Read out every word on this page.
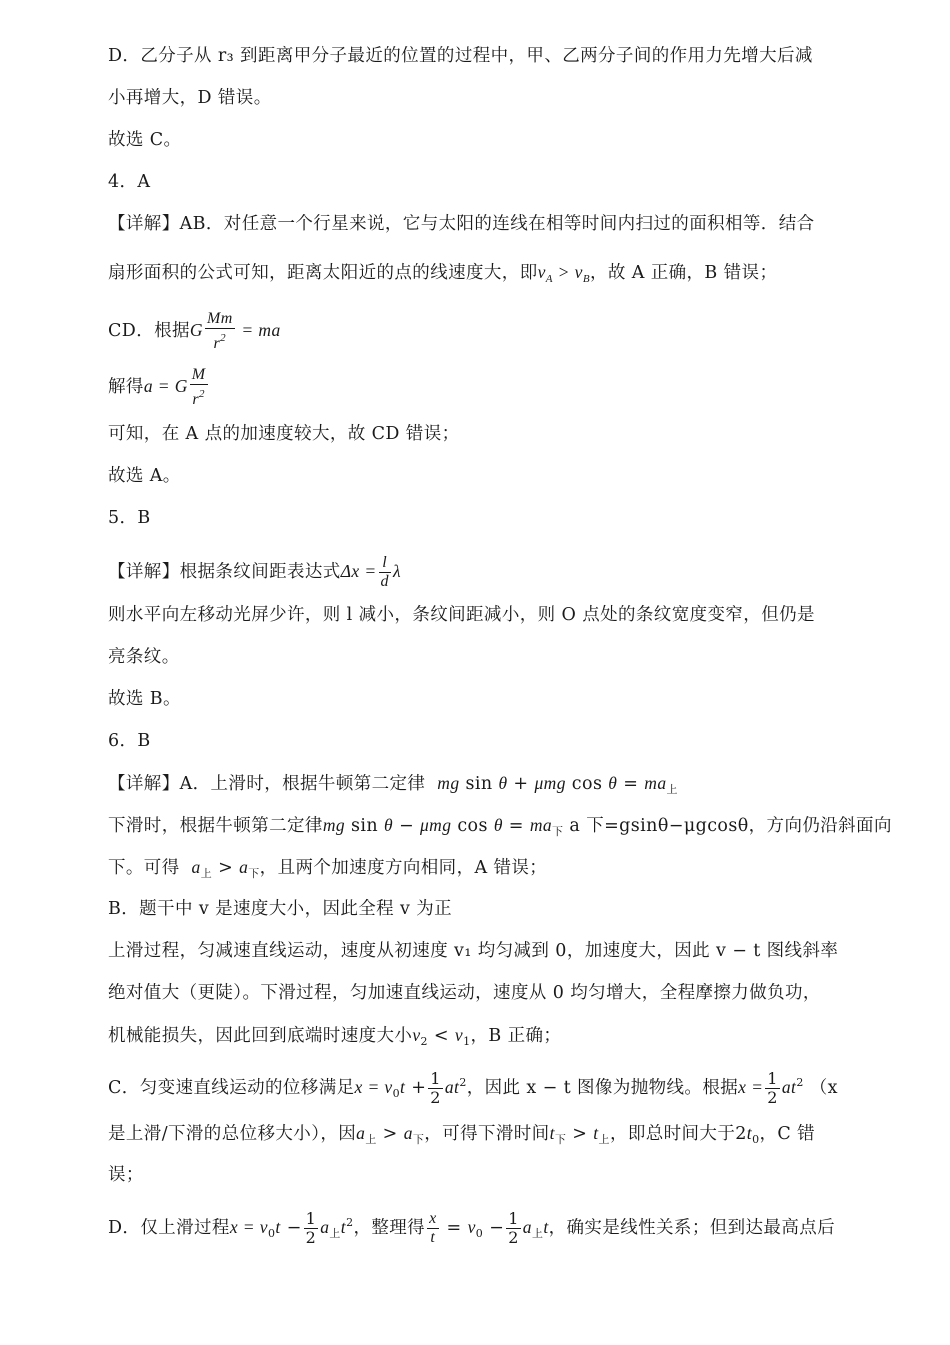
D．乙分子从 r₃ 到距离甲分子最近的位置的过程中，甲、乙两分子间的作用力先增大后减
小再增大，D 错误。
故选 C。
4．A
【详解】AB．对任意一个行星来说，它与太阳的连线在相等时间内扫过的面积相等．结合
扇形面积的公式可知，距离太阳近的点的线速度大，即$v_A > v_B$，故 A 正确，B 错误；
CD．根据G $\frac{Mm}{r^2}$ = ma
解得a = G $\frac{M}{r^2}$
可知，在 A 点的加速度较大，故 CD 错误；
故选 A。
5．B
【详解】根据条纹间距表达式$\Delta x = \frac{l}{d}$ λ
则水平向左移动光屏少许，则 l 减小，条纹间距减小，则 O 点处的条纹宽度变窄，但仍是
亮条纹。
故选 B。
6．B
【详解】A．上滑时，根据牛顿第二定律 mg sin θ + μmg $\cos \theta = ma_上$
下滑时，根据牛顿第二定律mg sin θ − μmg $\cos \theta = ma_下$ a 下=gsinθ−μgcosθ，方向仍沿斜面向
下。可得 $a_上 > a_下$，且两个加速度方向相同，A 错误；
B．题干中 v 是速度大小，因此全程 v 为正
上滑过程，匀减速直线运动，速度从初速度 v₁ 均匀减到 0，加速度大，因此 v − t 图线斜率
绝对值大（更陡）。下滑过程，匀加速直线运动，速度从 0 均匀增大，全程摩擦力做负功，
机械能损失，因此回到底端时速度大小$v_2 < v_1$，B 正确；
C．匀变速直线运动的位移满足$x = v_0t + \frac{1}{2} at^2$，因此 x − t 图像为抛物线。根据$x = \frac{1}{2} at^2$ （x
是上滑/下滑的总位移大小），因$a_上 > a_下$，可得下滑时间$t_下 > t_上$，即总时间大于$2t_0$，C 错
误；
D．仅上滑过程$x = v_0t - \frac{1}{2} a_上t^2$，整理得 $\frac{x}{t} = v_0 - \frac{1}{2} a_上t$，确实是线性关系；但到达最高点后
